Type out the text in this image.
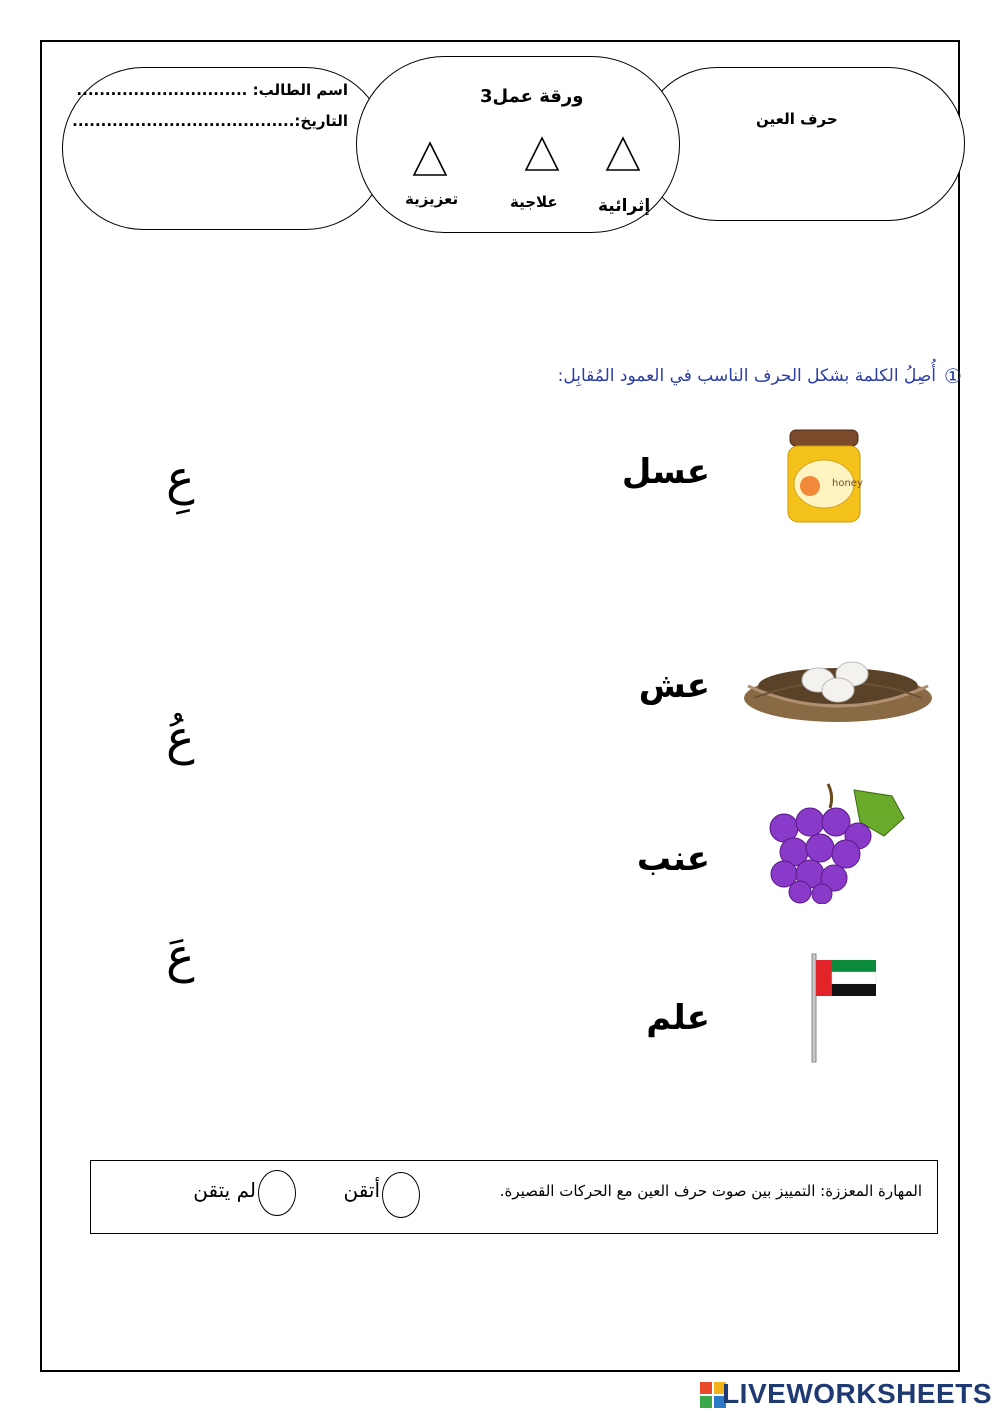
اسم الطالب: ..............................
التاريخ:.......................................
ورقة عمل3
إثرائية
علاجية
تعزيزية
حرف العين
①
أُصِلُ الكلمة بشكل الحرف الناسب في العمود المُقابِل:
عسل	honey
عش
عنب
علم
عِ
عُ
عَ
المهارة المعززة: التمييز بين صوت حرف العين مع الحركات القصيرة.
أتقن
لم يتقن
LIVEWORKSHEETS
